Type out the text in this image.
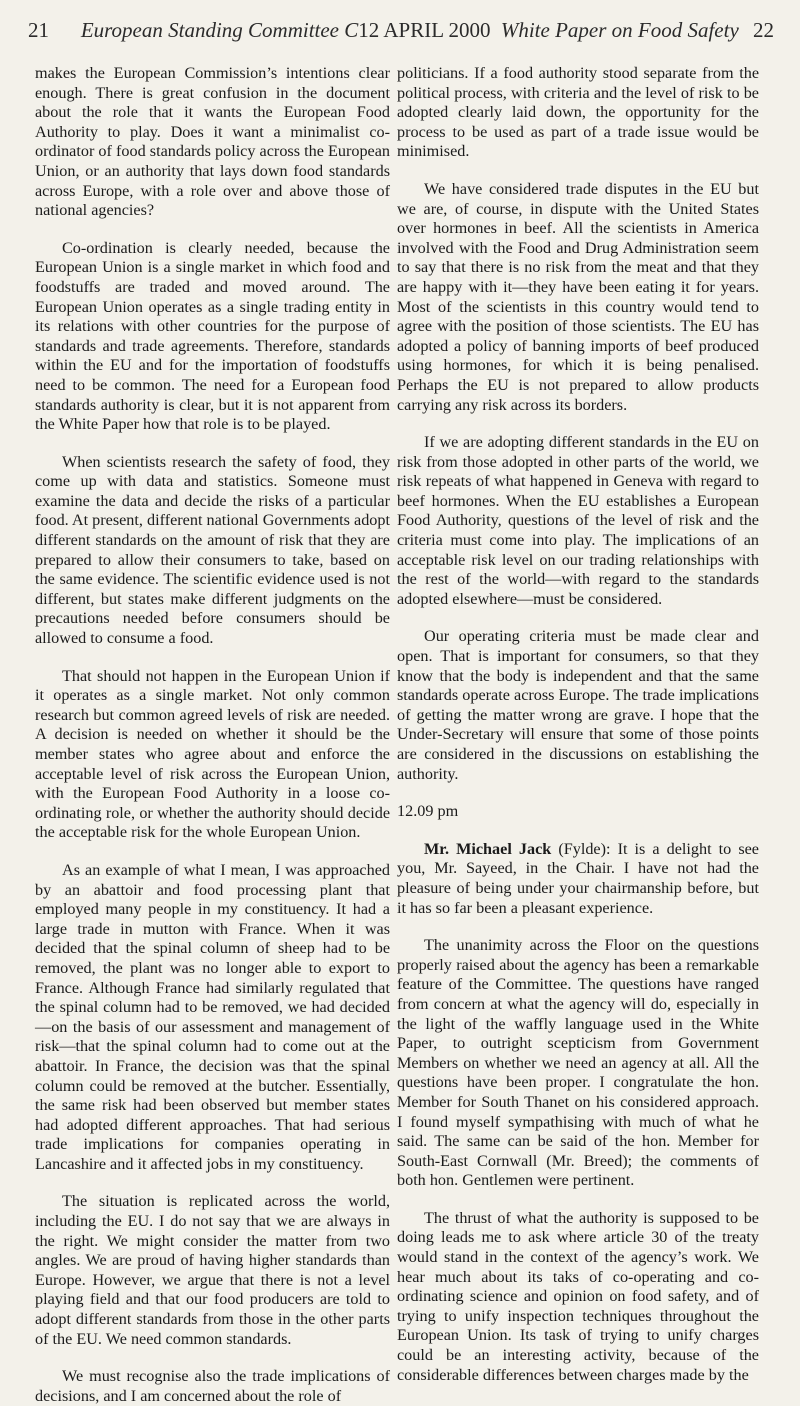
21	European Standing Committee C 12 APRIL 2000 White Paper on Food Safety 22

makes the European Commission’s intentions clear enough. There is great confusion in the document about the role that it wants the European Food Authority to play. Does it want a minimalist co-ordinator of food standards policy across the European Union, or an authority that lays down food standards across Europe, with a role over and above those of national agencies?

Co-ordination is clearly needed, because the European Union is a single market in which food and foodstuffs are traded and moved around. The European Union operates as a single trading entity in its relations with other countries for the purpose of standards and trade agreements. Therefore, standards within the EU and for the importation of foodstuffs need to be common. The need for a European food standards authority is clear, but it is not apparent from the White Paper how that role is to be played.

When scientists research the safety of food, they come up with data and statistics. Someone must examine the data and decide the risks of a particular food. At present, different national Governments adopt different standards on the amount of risk that they are prepared to allow their consumers to take, based on the same evidence. The scientific evidence used is not different, but states make different judgments on the precautions needed before consumers should be allowed to consume a food.

That should not happen in the European Union if it operates as a single market. Not only common research but common agreed levels of risk are needed. A decision is needed on whether it should be the member states who agree about and enforce the acceptable level of risk across the European Union, with the European Food Authority in a loose co-ordinating role, or whether the authority should decide the acceptable risk for the whole European Union.

As an example of what I mean, I was approached by an abattoir and food processing plant that employed many people in my constituency. It had a large trade in mutton with France. When it was decided that the spinal column of sheep had to be removed, the plant was no longer able to export to France. Although France had similarly regulated that the spinal column had to be removed, we had decided—on the basis of our assessment and management of risk—that the spinal column had to come out at the abattoir. In France, the decision was that the spinal column could be removed at the butcher. Essentially, the same risk had been observed but member states had adopted different approaches. That had serious trade implications for companies operating in Lancashire and it affected jobs in my constituency.

The situation is replicated across the world, including the EU. I do not say that we are always in the right. We might consider the matter from two angles. We are proud of having higher standards than Europe. However, we argue that there is not a level playing field and that our food producers are told to adopt different standards from those in the other parts of the EU. We need common standards.

We must recognise also the trade implications of decisions, and I am concerned about the role of

politicians. If a food authority stood separate from the political process, with criteria and the level of risk to be adopted clearly laid down, the opportunity for the process to be used as part of a trade issue would be minimised.

We have considered trade disputes in the EU but we are, of course, in dispute with the United States over hormones in beef. All the scientists in America involved with the Food and Drug Administration seem to say that there is no risk from the meat and that they are happy with it—they have been eating it for years. Most of the scientists in this country would tend to agree with the position of those scientists. The EU has adopted a policy of banning imports of beef produced using hormones, for which it is being penalised. Perhaps the EU is not prepared to allow products carrying any risk across its borders.

If we are adopting different standards in the EU on risk from those adopted in other parts of the world, we risk repeats of what happened in Geneva with regard to beef hormones. When the EU establishes a European Food Authority, questions of the level of risk and the criteria must come into play. The implications of an acceptable risk level on our trading relationships with the rest of the world—with regard to the standards adopted elsewhere—must be considered.

Our operating criteria must be made clear and open. That is important for consumers, so that they know that the body is independent and that the same standards operate across Europe. The trade implications of getting the matter wrong are grave. I hope that the Under-Secretary will ensure that some of those points are considered in the discussions on establishing the authority.

12.09 pm

Mr. Michael Jack (Fylde): It is a delight to see you, Mr. Sayeed, in the Chair. I have not had the pleasure of being under your chairmanship before, but it has so far been a pleasant experience.

The unanimity across the Floor on the questions properly raised about the agency has been a remarkable feature of the Committee. The questions have ranged from concern at what the agency will do, especially in the light of the waffly language used in the White Paper, to outright scepticism from Government Members on whether we need an agency at all. All the questions have been proper. I congratulate the hon. Member for South Thanet on his considered approach. I found myself sympathising with much of what he said. The same can be said of the hon. Member for South-East Cornwall (Mr. Breed); the comments of both hon. Gentlemen were pertinent.

The thrust of what the authority is supposed to be doing leads me to ask where article 30 of the treaty would stand in the context of the agency’s work. We hear much about its taks of co-operating and co-ordinating science and opinion on food safety, and of trying to unify inspection techniques throughout the European Union. Its task of trying to unify charges could be an interesting activity, because of the considerable differences between charges made by the
